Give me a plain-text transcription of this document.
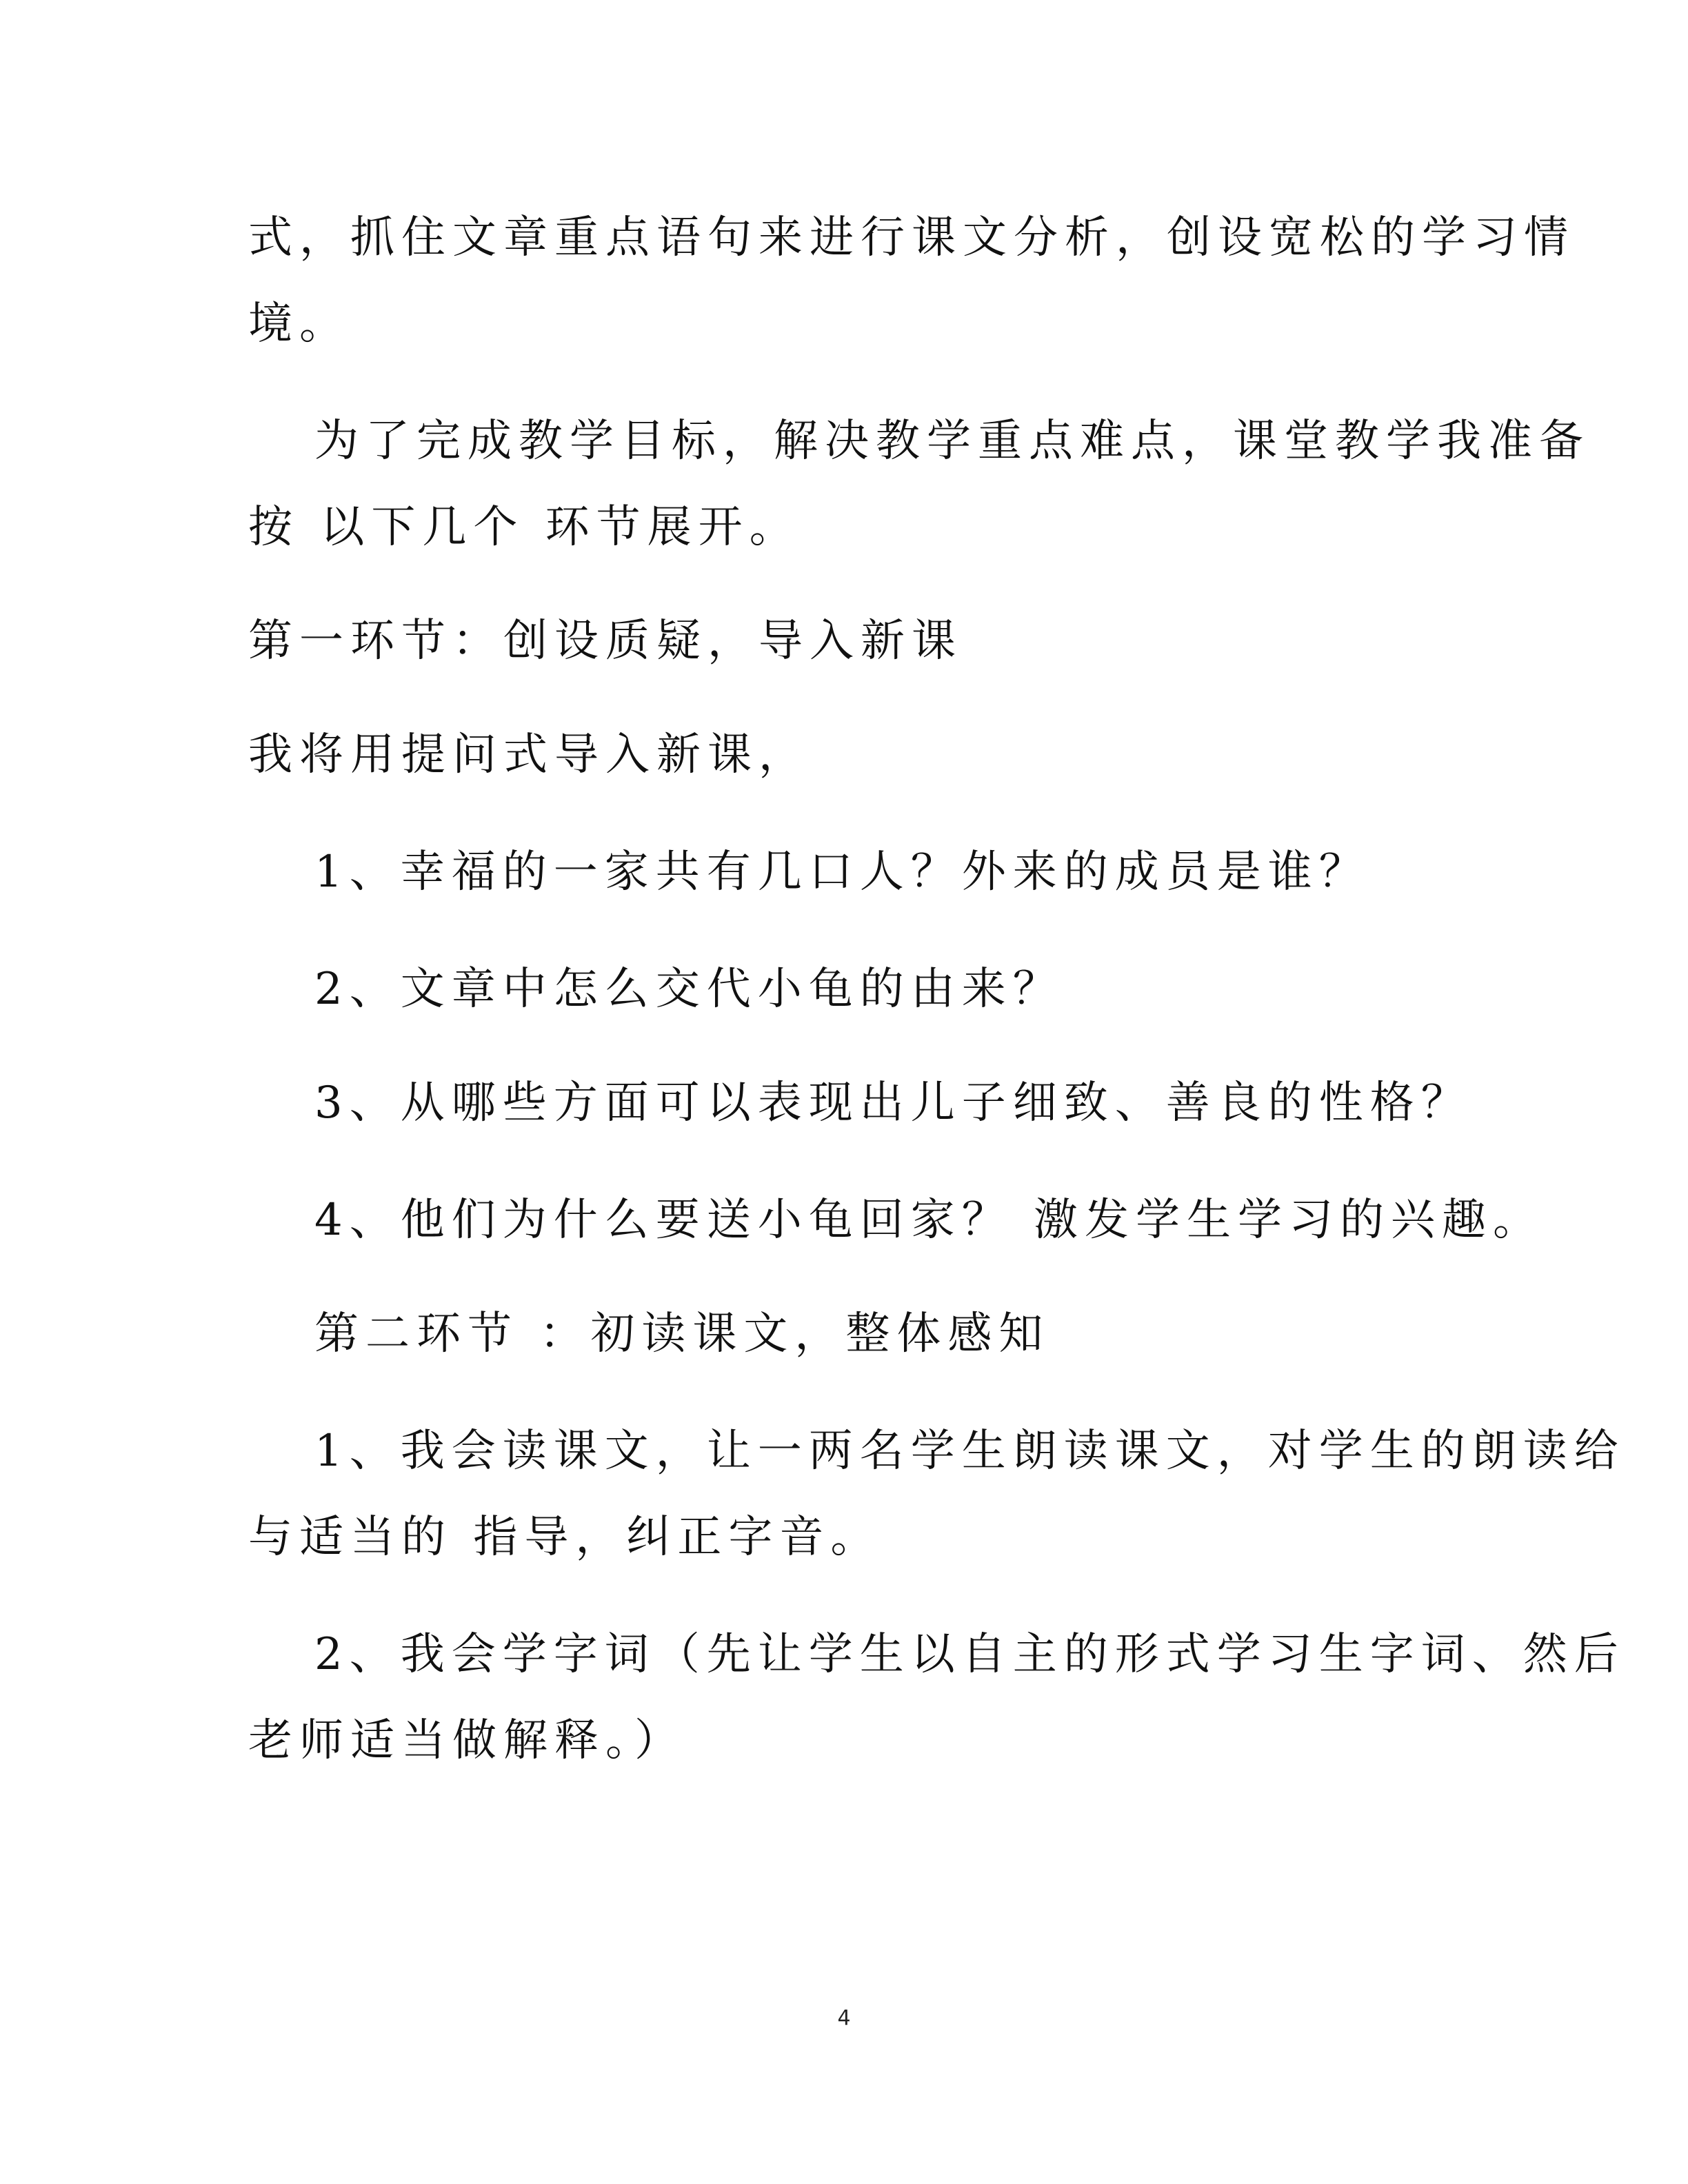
式，抓住文章重点语句来进行课文分析，创设宽松的学习情

境。

为了完成教学目标，解决教学重点难点，课堂教学我准备

按 以下几个 环节展开。

第一环节：创设质疑，导入新课

我将用提问式导入新课，

1、幸福的一家共有几口人？外来的成员是谁？

2、文章中怎么交代小龟的由来？

3、从哪些方面可以表现出儿子细致、善良的性格？

4、他们为什么要送小龟回家？ 激发学生学习的兴趣。

第二环节 ：初读课文，整体感知

1、我会读课文，让一两名学生朗读课文，对学生的朗读给

与适当的 指导，纠正字音。

2、我会学字词（先让学生以自主的形式学习生字词、然后

老师适当做解释。）

4
